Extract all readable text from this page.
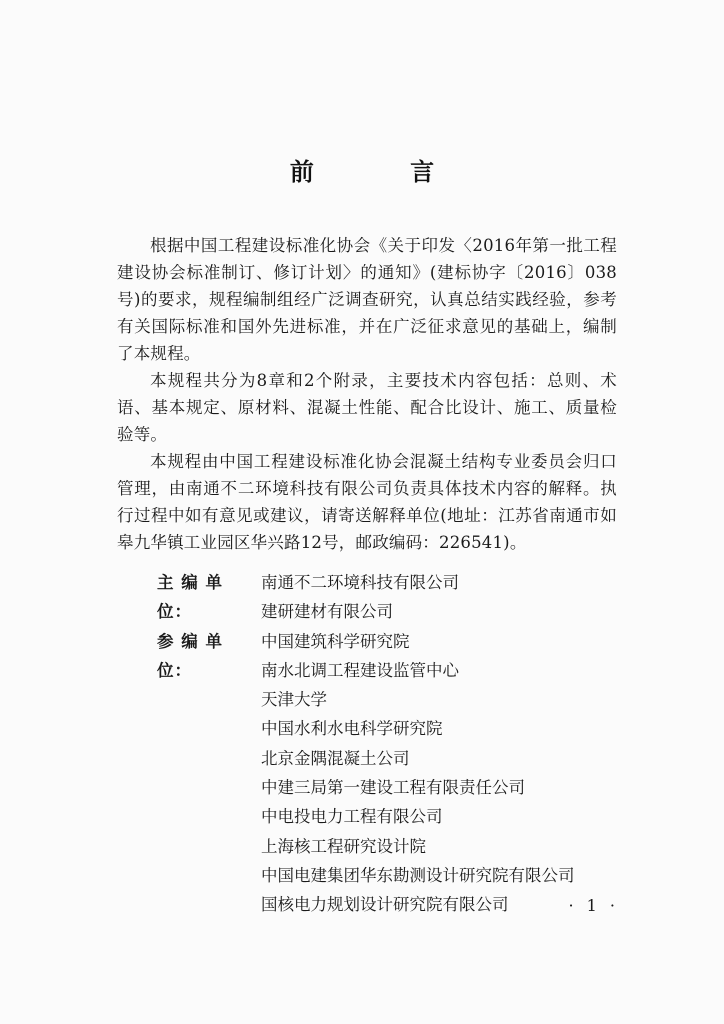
前 言

根据中国工程建设标准化协会《关于印发〈2016年第一批工程建设协会标准制订、修订计划〉的通知》(建标协字〔2016〕038号)的要求，规程编制组经广泛调查研究，认真总结实践经验，参考有关国际标准和国外先进标准，并在广泛征求意见的基础上，编制了本规程。

本规程共分为8章和2个附录，主要技术内容包括：总则、术语、基本规定、原材料、混凝土性能、配合比设计、施工、质量检验等。

本规程由中国工程建设标准化协会混凝土结构专业委员会归口管理，由南通不二环境科技有限公司负责具体技术内容的解释。执行过程中如有意见或建议，请寄送解释单位(地址：江苏省南通市如皋九华镇工业园区华兴路12号，邮政编码：226541)。

主 编 单 位：
南通不二环境科技有限公司
建研建材有限公司
参 编 单 位：
中国建筑科学研究院
南水北调工程建设监管中心
天津大学
中国水利水电科学研究院
北京金隅混凝土公司
中建三局第一建设工程有限责任公司
中电投电力工程有限公司
上海核工程研究设计院
中国电建集团华东勘测设计研究院有限公司
国核电力规划设计研究院有限公司	· 1 ·
